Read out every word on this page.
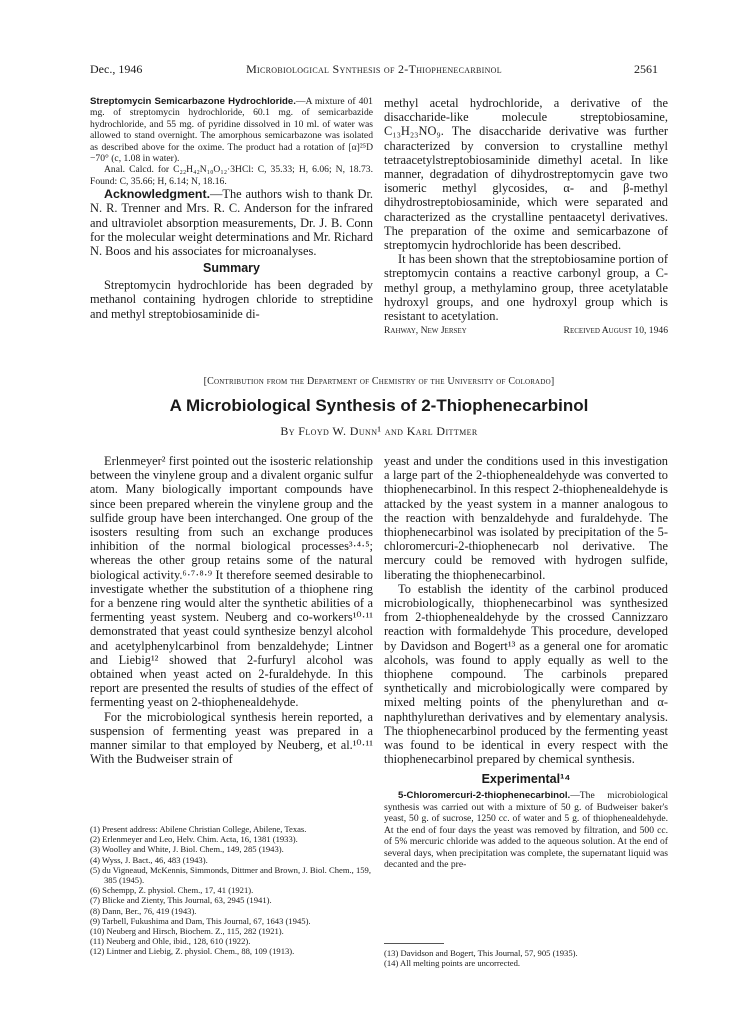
Dec., 1946	Microbiological Synthesis of 2-Thiophenecarbinol	2561

Streptomycin Semicarbazone Hydrochloride.—A mixture of 401 mg. of streptomycin hydrochloride, 60.1 mg. of semicarbazide hydrochloride, and 55 mg. of pyridine dissolved in 10 ml. of water was allowed to stand overnight. The amorphous semicarbazone was isolated as described above for the oxime. The product had a rotation of [α]²⁵D −70° (c, 1.08 in water).

Anal. Calcd. for C₂₂H₄₂N₁₀O₁₂·3HCl: C, 35.33; H, 6.06; N, 18.73. Found: C, 35.66; H, 6.14; N, 18.16.

Acknowledgment.—The authors wish to thank Dr. N. R. Trenner and Mrs. R. C. Anderson for the infrared and ultraviolet absorption measurements, Dr. J. B. Conn for the molecular weight determinations and Mr. Richard N. Boos and his associates for microanalyses.

Summary

Streptomycin hydrochloride has been degraded by methanol containing hydrogen chloride to streptidine and methyl streptobiosaminide di-

methyl acetal hydrochloride, a derivative of the disaccharide-like molecule streptobiosamine, C₁₃H₂₃NO₉. The disaccharide derivative was further characterized by conversion to crystalline methyl tetraacetylstreptobiosaminide dimethyl acetal. In like manner, degradation of dihydrostreptomycin gave two isomeric methyl glycosides, α- and β-methyl dihydrostreptobiosaminide, which were separated and characterized as the crystalline pentaacetyl derivatives. The preparation of the oxime and semicarbazone of streptomycin hydrochloride has been described.

It has been shown that the streptobiosamine portion of streptomycin contains a reactive carbonyl group, a C-methyl group, a methylamino group, three acetylatable hydroxyl groups, and one hydroxyl group which is resistant to acetylation.

Rahway, New Jersey	Received August 10, 1946
[Contribution from the Department of Chemistry of the University of Colorado]
A Microbiological Synthesis of 2-Thiophenecarbinol
By Floyd W. Dunn¹ and Karl Dittmer

Erlenmeyer² first pointed out the isosteric relationship between the vinylene group and a divalent organic sulfur atom. Many biologically important compounds have since been prepared wherein the vinylene group and the sulfide group have been interchanged. One group of the isosters resulting from such an exchange produces inhibition of the normal biological processes³·⁴·⁵; whereas the other group retains some of the natural biological activity.⁶·⁷·⁸·⁹ It therefore seemed desirable to investigate whether the substitution of a thiophene ring for a benzene ring would alter the synthetic abilities of a fermenting yeast system. Neuberg and co-workers¹⁰·¹¹ demonstrated that yeast could synthesize benzyl alcohol and acetylphenylcarbinol from benzaldehyde; Lintner and Liebig¹² showed that 2-furfuryl alcohol was obtained when yeast acted on 2-furaldehyde. In this report are presented the results of studies of the effect of fermenting yeast on 2-thiophenealdehyde.

For the microbiological synthesis herein reported, a suspension of fermenting yeast was prepared in a manner similar to that employed by Neuberg, et al.¹⁰·¹¹ With the Budweiser strain of

(1) Present address: Abilene Christian College, Abilene, Texas.

(2) Erlenmeyer and Leo, Helv. Chim. Acta, 16, 1381 (1933).

(3) Woolley and White, J. Biol. Chem., 149, 285 (1943).

(4) Wyss, J. Bact., 46, 483 (1943).

(5) du Vigneaud, McKennis, Simmonds, Dittmer and Brown, J. Biol. Chem., 159, 385 (1945).

(6) Schempp, Z. physiol. Chem., 17, 41 (1921).

(7) Blicke and Zienty, This Journal, 63, 2945 (1941).

(8) Dann, Ber., 76, 419 (1943).

(9) Tarbell, Fukushima and Dam, This Journal, 67, 1643 (1945).

(10) Neuberg and Hirsch, Biochem. Z., 115, 282 (1921).

(11) Neuberg and Ohle, ibid., 128, 610 (1922).

(12) Lintner and Liebig, Z. physiol. Chem., 88, 109 (1913).

yeast and under the conditions used in this investigation a large part of the 2-thiophenealdehyde was converted to thiophenecarbinol. In this respect 2-thiophenealdehyde is attacked by the yeast system in a manner analogous to the reaction with benzaldehyde and furaldehyde. The thiophenecarbinol was isolated by precipitation of the 5-chloromercuri-2-thiophenecarb nol derivative. The mercury could be removed with hydrogen sulfide, liberating the thiophenecarbinol.

To establish the identity of the carbinol produced microbiologically, thiophenecarbinol was synthesized from 2-thiophenealdehyde by the crossed Cannizzaro reaction with formaldehyde This procedure, developed by Davidson and Bogert¹³ as a general one for aromatic alcohols, was found to apply equally as well to the thiophene compound. The carbinols prepared synthetically and microbiologically were compared by mixed melting points of the phenylurethan and α-naphthylurethan derivatives and by elementary analysis. The thiophenecarbinol produced by the fermenting yeast was found to be identical in every respect with the thiophenecarbinol prepared by chemical synthesis.

Experimental¹⁴

5-Chloromercuri-2-thiophenecarbinol.—The microbiological synthesis was carried out with a mixture of 50 g. of Budweiser baker's yeast, 50 g. of sucrose, 1250 cc. of water and 5 g. of thiophenealdehyde. At the end of four days the yeast was removed by filtration, and 500 cc. of 5% mercuric chloride was added to the aqueous solution. At the end of several days, when precipitation was complete, the supernatant liquid was decanted and the pre-

(13) Davidson and Bogert, This Journal, 57, 905 (1935).

(14) All melting points are uncorrected.
